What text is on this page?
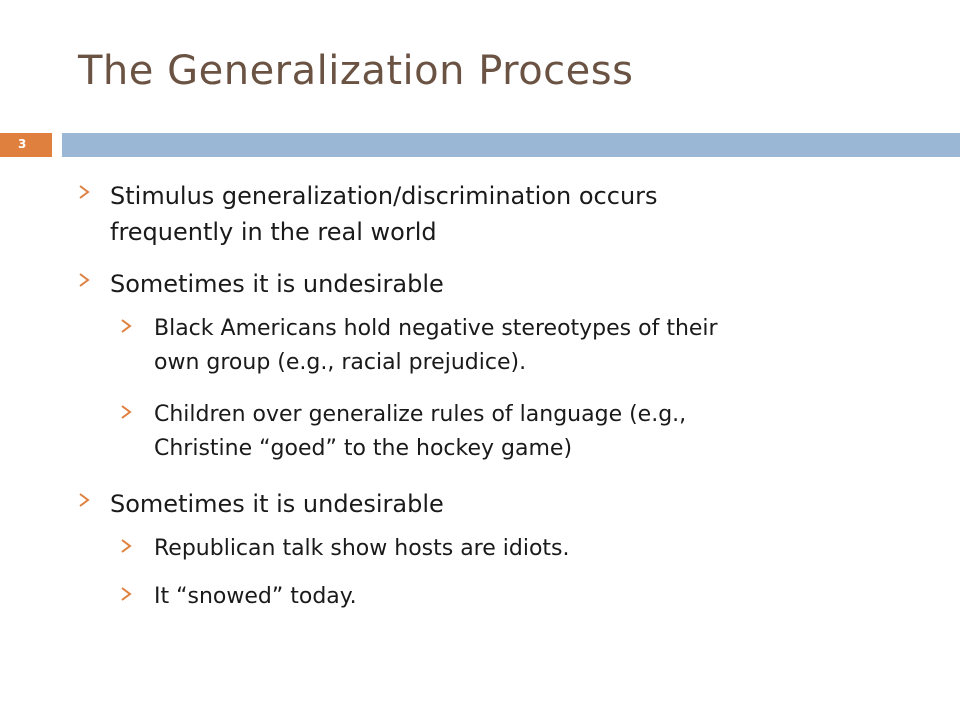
The Generalization Process
3
Stimulus generalization/discrimination occurs
frequently in the real world
Sometimes it is undesirable
Black Americans hold negative stereotypes of their
own group (e.g., racial prejudice).
Children over generalize rules of language (e.g.,
Christine “goed” to the hockey game)
Sometimes it is undesirable
Republican talk show hosts are idiots.
It “snowed” today.
